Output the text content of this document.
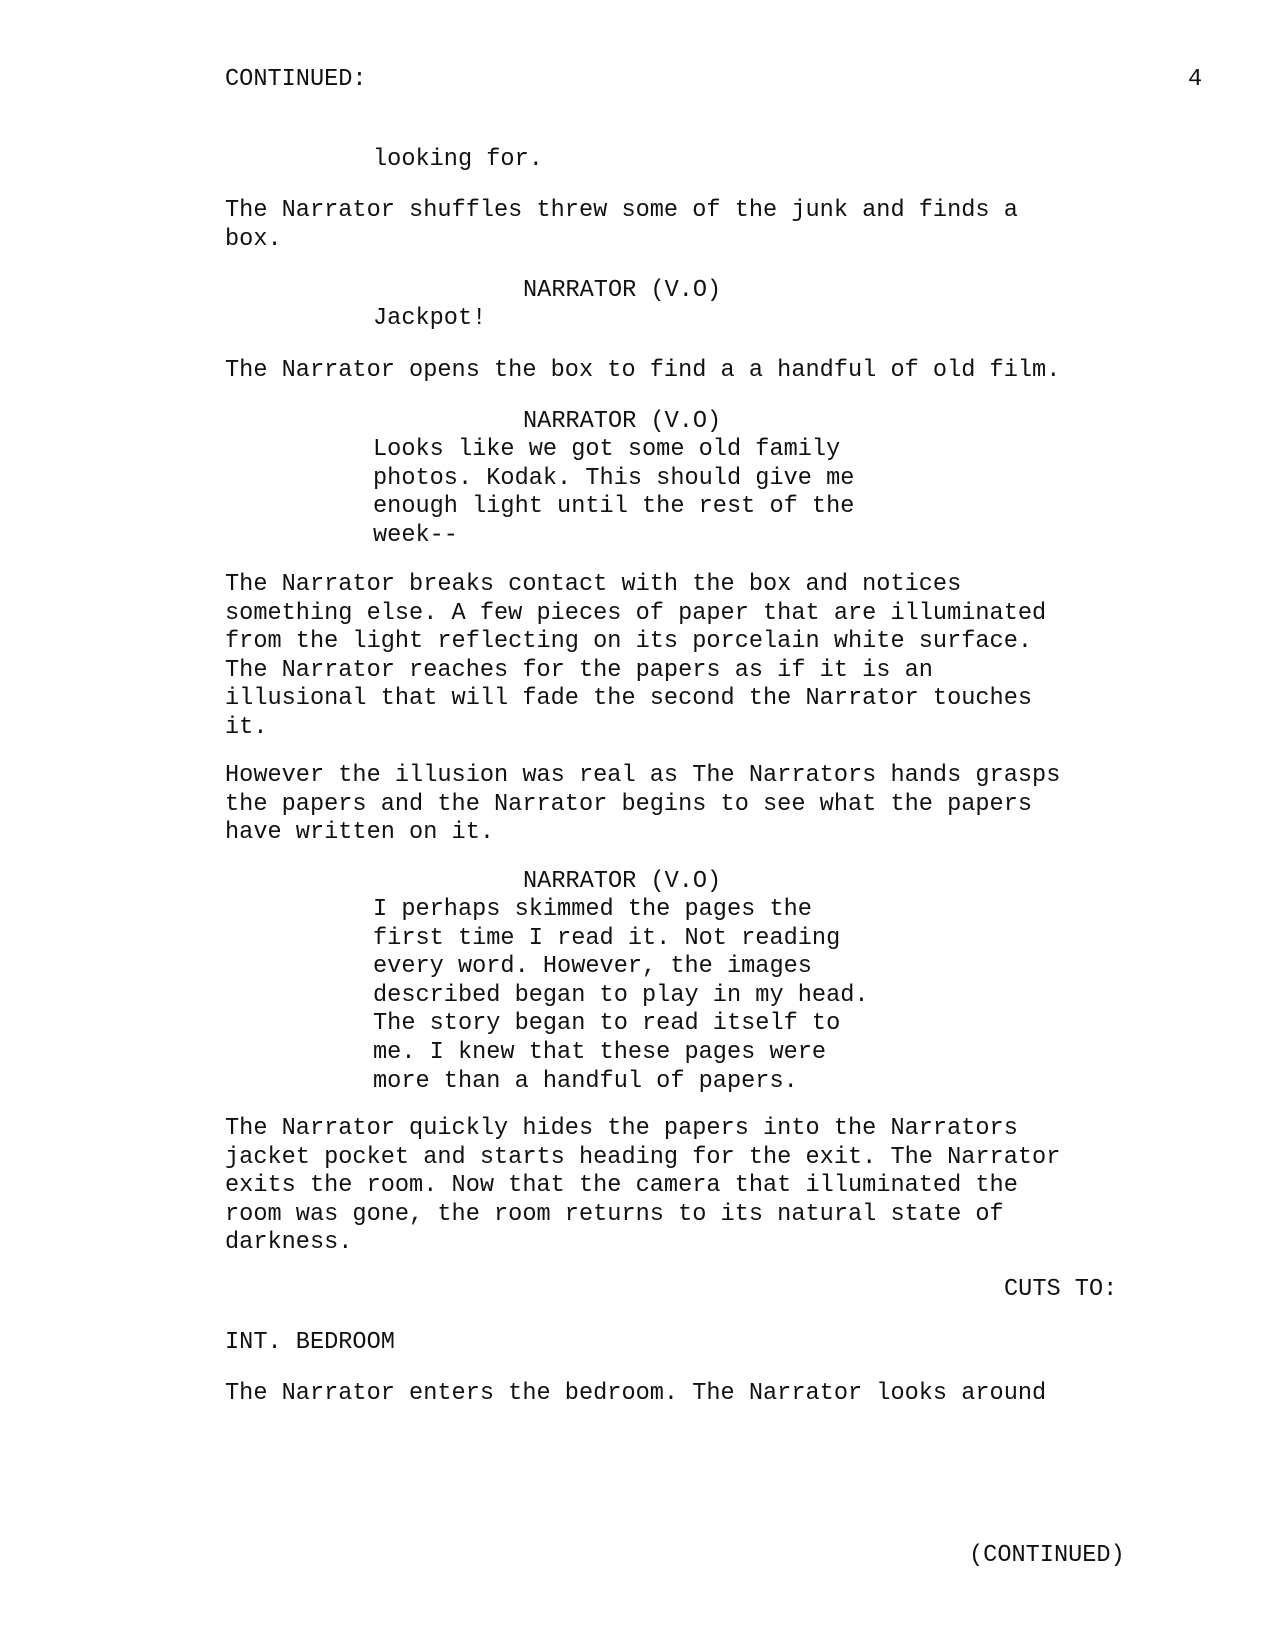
CONTINUED:	4

looking for.

The Narrator shuffles threw some of the junk and finds a
box.

NARRATOR (V.O)

Jackpot!

The Narrator opens the box to find a a handful of old film.

NARRATOR (V.O)

Looks like we got some old family
photos. Kodak. This should give me
enough light until the rest of the
week--

The Narrator breaks contact with the box and notices
something else. A few pieces of paper that are illuminated
from the light reflecting on its porcelain white surface.
The Narrator reaches for the papers as if it is an
illusional that will fade the second the Narrator touches
it.

However the illusion was real as The Narrators hands grasps
the papers and the Narrator begins to see what the papers
have written on it.

NARRATOR (V.O)

I perhaps skimmed the pages the
first time I read it. Not reading
every word. However, the images
described began to play in my head.
The story began to read itself to
me. I knew that these pages were
more than a handful of papers.

The Narrator quickly hides the papers into the Narrators
jacket pocket and starts heading for the exit. The Narrator
exits the room. Now that the camera that illuminated the
room was gone, the room returns to its natural state of
darkness.

CUTS TO:

INT. BEDROOM

The Narrator enters the bedroom. The Narrator looks around

(CONTINUED)
